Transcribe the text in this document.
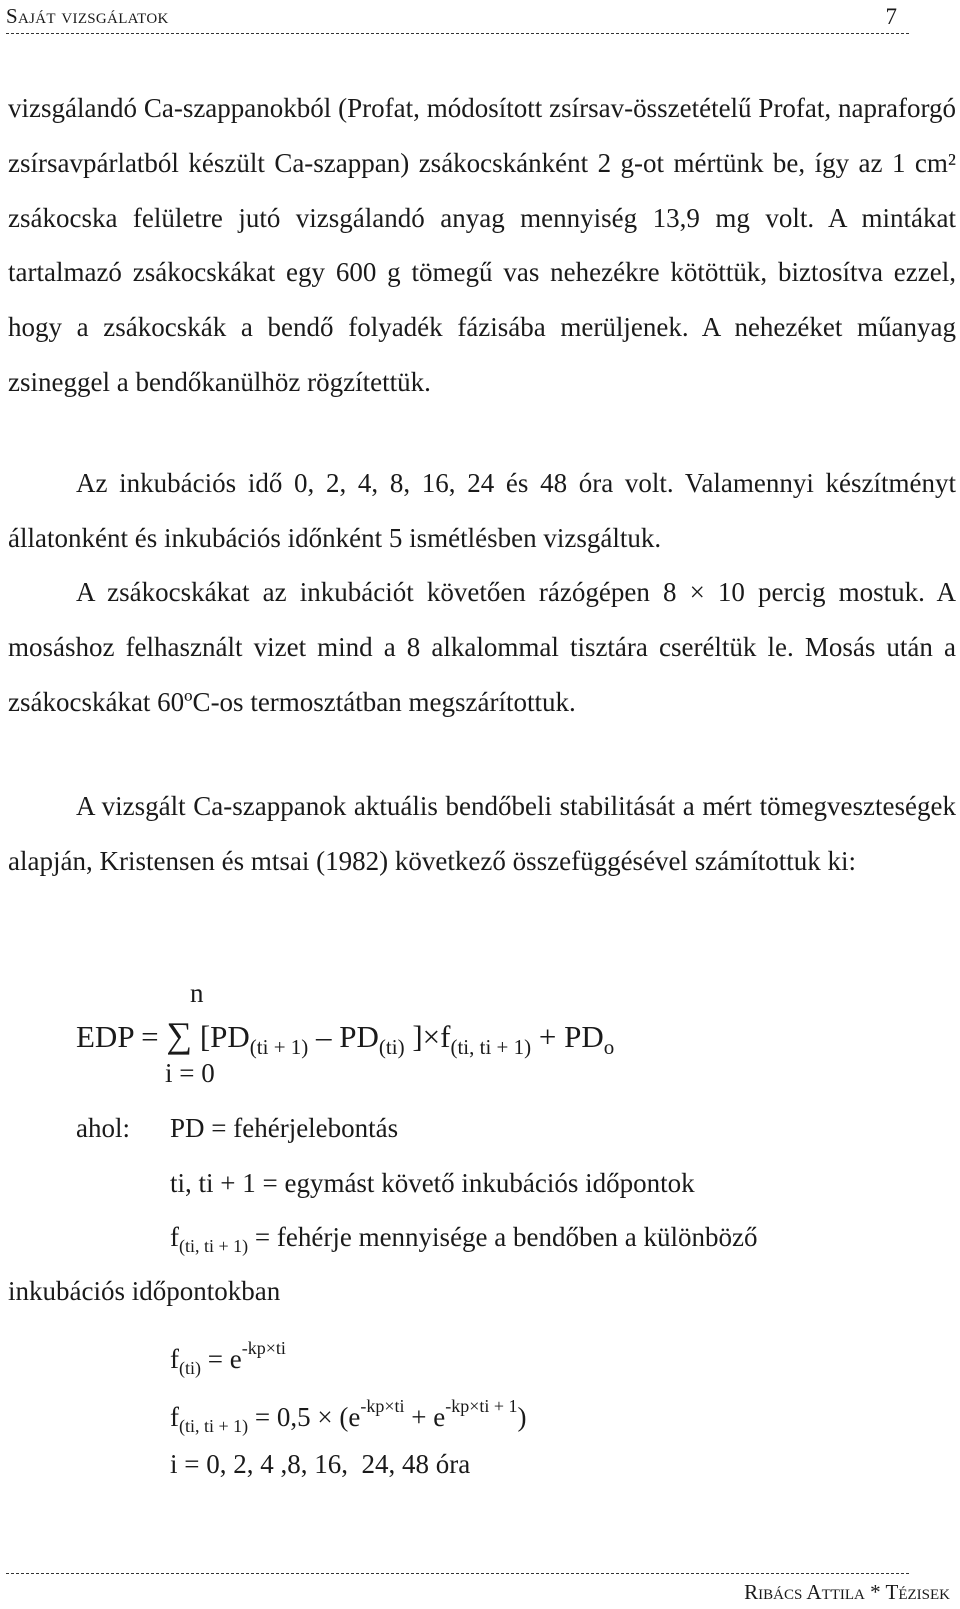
Saját vizsgálatok	7

vizsgálandó Ca-szappanokból (Profat, módosított zsírsav-összetételű Profat, napraforgó zsírsavpárlatból készült Ca-szappan) zsákocskánként 2 g-ot mértünk be, így az 1 cm² zsákocska felületre jutó vizsgálandó anyag mennyiség 13,9 mg volt. A mintákat tartalmazó zsákocskákat egy 600 g tömegű vas nehezékre kötöttük, biztosítva ezzel, hogy a zsákocskák a bendő folyadék fázisába merüljenek. A nehezéket műanyag zsineggel a bendőkanülhöz rögzítettük.

Az inkubációs idő 0, 2, 4, 8, 16, 24 és 48 óra volt. Valamennyi készítményt állatonként és inkubációs időnként 5 ismétlésben vizsgáltuk.

A zsákocskákat az inkubációt követően rázógépen 8 × 10 percig mostuk. A mosáshoz felhasznált vizet mind a 8 alkalommal tisztára cseréltük le. Mosás után a zsákocskákat 60ºC-os termosztátban megszárítottuk.

A vizsgált Ca-szappanok aktuális bendőbeli stabilitását a mért tömegveszteségek alapján, Kristensen és mtsai (1982) következő összefüggésével számítottuk ki:

n
EDP = ∑ [$PD_{(ti + 1)} - PD_{(ti)}$ ]$\times f_{(ti, ti + 1)} + PD_o$
i = 0
ahol: PD = fehérjelebontás
ti, ti + 1 = egymást követő inkubációs időpontok
$f_{(ti, ti + 1)}$ = fehérje mennyisége a bendőben a különböző
inkubációs időpontokban
$f_{(ti)} = e^{-kp\times ti}$
$f_{(ti, ti + 1)} = 0,5 \times (e^{-kp\times ti} + e^{-kp\times ti + 1})$
i = 0, 2, 4 ,8, 16,  24, 48 óra
Ribács Attila * Tézisek
